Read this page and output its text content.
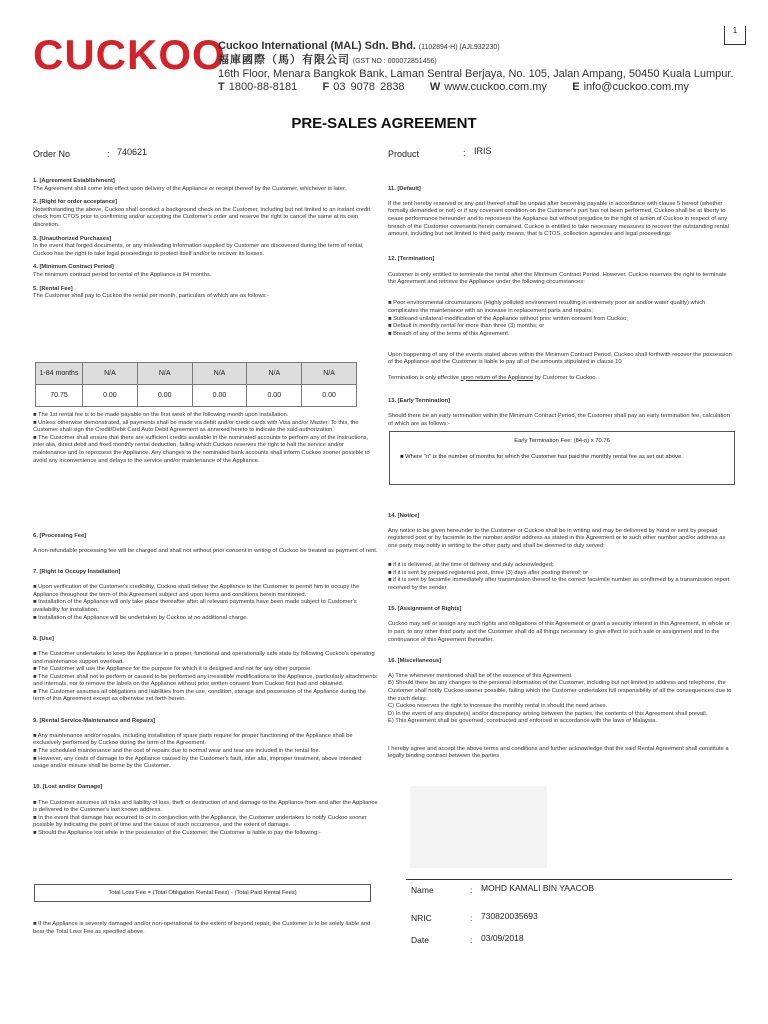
CUCKOO
Cuckoo International (MAL) Sdn. Bhd. (1102894-H) (AJL932230)
福庫國際（馬）有限公司 (GST NO : 000072851456)
16th Floor, Menara Bangkok Bank, Laman Sentral Berjaya, No. 105, Jalan Ampang, 50450 Kuala Lumpur.
T 1800-88-8181 F 03 9078 2838 W www.cuckoo.com.my E info@cuckoo.com.my
1
PRE-SALES AGREEMENT
Order No	: 740621	Product	: IRIS

1. [Agreement Establishment]

The Agreement shall come into effect upon delivery of the Appliance or receipt thereof by the Customer, whichever is later.

2. [Right for order acceptance]

Notwithstanding the above, Cuckoo shall conduct a background check on the Customer, including but not limited to an instant credit check from CTOS prior to confirming and/or accepting the Customer's order and reserve the right to cancel the same at its own discretion.

3. [Unauthorized Purchases]

In the event that forged documents, or any misleading information supplied by Customer are discovered during the term of rental, Cuckoo has the right to take legal proceedings to protect itself and/or to recover its losses.

4. [Minimum Contract Period]

The minimum contract period for rental of the Appliance is 84 months.

5. [Rental Fee]

The Customer shall pay to Cuckoo the rental per month, particulars of which are as follows:-

1-84 months	N/A	N/A	N/A	N/A	N/A
70.75	0.00	0.00	0.00	0.00	0.00

■ The 1st rental fee is to be made payable on the first week of the following month upon installation.

■ Unless otherwise demonstrated, all payments shall be made via debit and/or credit cards with Visa and/or Master. To this, the Customer shall sign the Credit/Debit Card Auto Debit Agreement as annexed hereto to indicate the said authorization.

■ The Customer shall ensure that there are sufficient credits available in the nominated accounts to perform any of the instructions, inter alia, direct debit and fixed monthly rental deduction, failing which Cuckoo reserves the right to halt the service and/or maintenance and to repossess the Appliance. Any changes to the nominated bank accounts shall inform Cuckoo sooner possible to avoid any inconvenience and delays to the service and/or maintenance of the Appliance.

6. [Processing Fee]

A non-refundable processing fee will be charged and shall not without prior consent in writing of Cuckoo be treated as payment of rent.

7. [Right to Occupy Installation]

■ Upon verification of the Customer's credibility, Cuckoo shall deliver the Appliance to the Customer to permit him to occupy the Appliance throughout the term of this Agreement subject and upon terms and conditions herein mentioned.
■ Installation of the Appliance will only take place thereafter after all relevant payments have been made subject to Customer's availability for installation.
■ Installation of the Appliance will be undertaken by Cuckoo at no additional charge.

8. [Use]

■ The Customer undertakes to keep the Appliance in a proper, functional and operationally safe state by following Cuckoo's operating and maintenance support overload.
■ The Customer will use the Appliance for the purpose for which it is designed and not for any other purpose.
■ The Customer shall not to perform or caused to be performed any irresistible modifications to the Appliance, particularly attachments and internals, nor to remove the labels on the Appliance without prior written consent from Cuckoo first had and obtained.
■ The Customer assumes all obligations and liabilities from the use, condition, storage and possession of the Appliance during the term of this Agreement except as otherwise set forth herein.

9. [Rental Service-Maintenance and Repairs]

■ Any maintenance and/or repairs, including installation of spare parts require for proper functioning of the Appliance shall be exclusively performed by Cuckoo during the term of the Agreement.
■ The scheduled maintenance and the cost of repairs due to normal wear and tear are included in the rental fee.
■ However, any costs of damage to the Appliance caused by the Customer's fault, inter alia, improper treatment, above intended usage and/or misuse shall be borne by the Customer.

10. [Lost and/or Damage]

■ The Customer assumes all risks and liability of loss, theft or destruction of and damage to the Appliance from and after the Appliance is delivered to the Customer's last known address.
■ In the event that damage has occurred to or in conjunction with the Appliance, the Customer undertakes to notify Cuckoo sooner possible by indicating the point of time and the cause of such occurrence, and the extent of damage.
■ Should the Appliance lost while in the possession of the Customer, the Customer is liable to pay the following:-

Total Loss Fee = (Total Obligation Rental Fees) - (Total Paid Rental Fees)
■ If the Appliance is severely damaged and/or non-operational to the extent of beyond repair, the Customer is to be solely liable and bear the Total Loss Fee as specified above.

11. [Default]

If the rent hereby reserved or any part thereof shall be unpaid after becoming payable in accordance with clause 5 hereof (whether formally demanded or not) or if any covenant condition on the Customer's part has not been performed, Cuckoo shall be at liberty to cease performance hereunder and to repossess the Appliance but without prejudice to the right of action of Cuckoo in respect of any breach of the Customer covenants herein contained. Cuckoo is entitled to take necessary measures to recover the outstanding rental amount, including but not limited to third party means, that is CTOS, collection agencies and legal proceedings

12. [Termination]

Customer is only entitled to terminate the rental after the Minimum Contract Period. However, Cuckoo reserves the right to terminate the Agreement and retrieve the Appliance under the following circumstances:

■ Poor environmental circumstances (Highly polluted environment resulting in extremely poor air and/or water quality) which complicates the maintenance with an increase in replacement parts and repairs;
■ Subleand unilateral modification of the Appliance without prior written consent from Cuckoo;
■ Default in monthly rental for more than three (3) months; or
■ Breach of any of the terms of this Agreement.

Upon happening of any of the events stated above within the Minimum Contract Period, Cuckoo shall forthwith recover the possession of the Appliance and the Customer is liable to pay all of the amounts stipulated in clause 10

Termination is only effective upon return of the Appliance by Customer to Cuckoo.

13. [Early Termination]

Should there be an early termination within the Minimum Contract Period, the Customer shall pay an early termination fee, calculation of which are as follows:-

Early Termination Fee: (84-n) x 70.76
■ Where "n" is the number of months for which the Customer has paid the monthly rental fee as set out above.

14. [Notice]

Any notice to be given hereunder to the Customer or Cuckoo shall be in writing and may be delivered by hand or sent by prepaid registered post or by facsimile to the number and/or address as stated in this Agreement or to such other number and/or address as one party may notify in writing to the other party and shall be deemed to duly served:

■ if it is delivered, at the time of delivery and duly acknowledged;
■ if it is sent by prepaid registered post, three (3) days after posting thereof; or
■ if it is sent by facsimile immediately after transmission thereof to the correct facsimile number as confirmed by a transmission report received by the sender.

15. [Assignment of Rights]

Cuckoo may sell or assign any such rights and obligations of this Agreement or grant a security interest in this Agreement, in whole or in part, to any other third party and the Customer shall do all things necessary to give effect to such sale or assignment and to the continuance of this Agreement thereafter.

16. [Miscellaneous]

A) Time whenever mentioned shall be of the essence of this Agreement.
B) Should there be any changes to the personal information of the Customer, including but not limited to address and telephone, the Customer shall notify Cuckoo sooner possible, failing which the Customer undertakes full responsibility of all the consequences due to the such delay.
C) Cuckoo reserves the right to increase the monthly rental in should the need arises.
D) In the event of any dispute(s) and/or discrepancy arising between the parties, the contents of this Agreement shall prevail.
E) This Agreement shall be governed, constructed and enforced in accordance with the laws of Malaysia.

I hereby agree and accept the above terms and conditions and further acknowledge that the said Rental Agreement shall constitute a legally binding contract between the parties

Name	: MOHD KAMALI BIN YAACOB
NRIC	: 730820035693
Date	: 03/09/2018
